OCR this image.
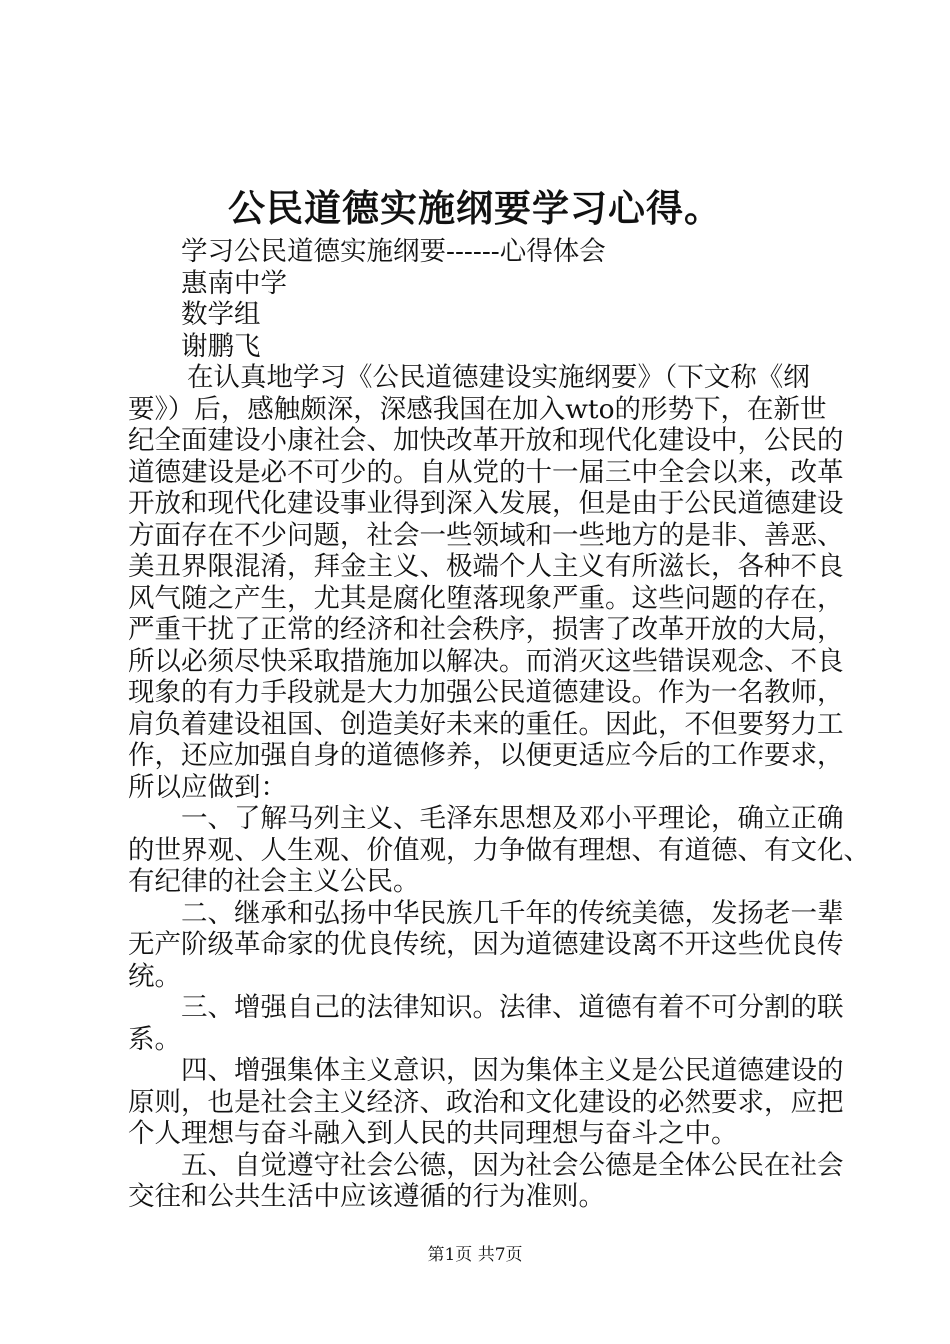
公民道德实施纲要学习心得。
学习公民道德实施纲要------心得体会
惠南中学
数学组
谢鹏飞
在认真地学习《公民道德建设实施纲要》（下文称《纲
要》）后，感触颇深，深感我国在加入wto的形势下，在新世
纪全面建设小康社会、加快改革开放和现代化建设中，公民的
道德建设是必不可少的。自从党的十一届三中全会以来，改革
开放和现代化建设事业得到深入发展，但是由于公民道德建设
方面存在不少问题，社会一些领域和一些地方的是非、善恶、
美丑界限混淆，拜金主义、极端个人主义有所滋长，各种不良
风气随之产生，尤其是腐化堕落现象严重。这些问题的存在，
严重干扰了正常的经济和社会秩序，损害了改革开放的大局，
所以必须尽快采取措施加以解决。而消灭这些错误观念、不良
现象的有力手段就是大力加强公民道德建设。作为一名教师，
肩负着建设祖国、创造美好未来的重任。因此，不但要努力工
作，还应加强自身的道德修养，以便更适应今后的工作要求，
所以应做到：
一、了解马列主义、毛泽东思想及邓小平理论，确立正确
的世界观、人生观、价值观，力争做有理想、有道德、有文化、
有纪律的社会主义公民。
二、继承和弘扬中华民族几千年的传统美德，发扬老一辈
无产阶级革命家的优良传统，因为道德建设离不开这些优良传
统。
三、增强自己的法律知识。法律、道德有着不可分割的联
系。
四、增强集体主义意识，因为集体主义是公民道德建设的
原则，也是社会主义经济、政治和文化建设的必然要求，应把
个人理想与奋斗融入到人民的共同理想与奋斗之中。
五、自觉遵守社会公德，因为社会公德是全体公民在社会
交往和公共生活中应该遵循的行为准则。
第1页 共7页
